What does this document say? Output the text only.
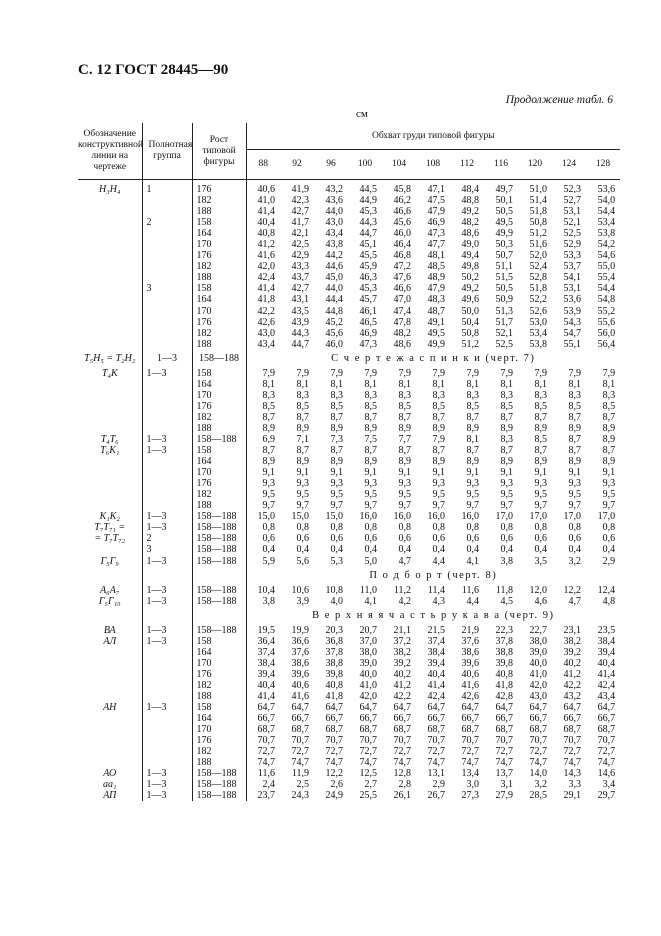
С. 12 ГОСТ 28445—90
Продолжение табл. 6
см
Обозначение конструктивной линии на чертеже	Полнотная группа	Рост типовой фигуры	Обхват груди типовой фигуры										
			88	92	96	100	104	108	112	116	120	124	128
Н₃Н₄	1	176	40,6	41,9	43,2	44,5	45,8	47,1	48,4	49,7	51,0	52,3	53,6
		182	41,0	42,3	43,6	44,9	46,2	47,5	48,8	50,1	51,4	52,7	54,0
		188	41,4	42,7	44,0	45,3	46,6	47,9	49,2	50,5	51,8	53,1	54,4
	2	158	40,4	41,7	43,0	44,3	45,6	46,9	48,2	49,5	50,8	52,1	53,4
		164	40,8	42,1	43,4	44,7	46,0	47,3	48,6	49,9	51,2	52,5	53,8
		170	41,2	42,5	43,8	45,1	46,4	47,7	49,0	50,3	51,6	52,9	54,2
		176	41,6	42,9	44,2	45,5	46,8	48,1	49,4	50,7	52,0	53,3	54,6
		182	42,0	43,3	44,6	45,9	47,2	48,5	49,8	51,1	52,4	53,7	55,0
		188	42,4	43,7	45,0	46,3	47,6	48,9	50,2	51,5	52,8	54,1	55,4
	3	158	41,4	42,7	44,0	45,3	46,6	47,9	49,2	50,5	51,8	53,1	54,4
		164	41,8	43,1	44,4	45,7	47,0	48,3	49,6	50,9	52,2	53,6	54,8
		170	42,2	43,5	44,8	46,1	47,4	48,7	50,0	51,3	52,6	53,9	55,2
		176	42,6	43,9	45,2	46,5	47,8	49,1	50,4	51,7	53,0	54,3	55,6
		182	43,0	44,3	45,6	46,9	48,2	49,5	50,8	52,1	53,4	54,7	56,0
		188	43,4	44,7	46,0	47,3	48,6	49,9	51,2	52,5	53,8	55,1	56,4
Т₅Н₅ = Т₂Н₂	1—3	158—188	С ч е р т е ж а с п и н к и (черт. 7)										
Т₄К	1—3	158	7,9	7,9	7,9	7,9	7,9	7,9	7,9	7,9	7,9	7,9	7,9
		164	8,1	8,1	8,1	8,1	8,1	8,1	8,1	8,1	8,1	8,1	8,1
		170	8,3	8,3	8,3	8,3	8,3	8,3	8,3	8,3	8,3	8,3	8,3
		176	8,5	8,5	8,5	8,5	8,5	8,5	8,5	8,5	8,5	8,5	8,5
		182	8,7	8,7	8,7	8,7	8,7	8,7	8,7	8,7	8,7	8,7	8,7
		188	8,9	8,9	8,9	8,9	8,9	8,9	8,9	8,9	8,9	8,9	8,9
Т₄Т₆	1—3	158—188	6,9	7,1	7,3	7,5	7,7	7,9	8,1	8,3	8,5	8,7	8,9
Т₆К₁	1—3	158	8,7	8,7	8,7	8,7	8,7	8,7	8,7	8,7	8,7	8,7	8,7
		164	8,9	8,9	8,9	8,9	8,9	8,9	8,9	8,9	8,9	8,9	8,9
		170	9,1	9,1	9,1	9,1	9,1	9,1	9,1	9,1	9,1	9,1	9,1
		176	9,3	9,3	9,3	9,3	9,3	9,3	9,3	9,3	9,3	9,3	9,3
		182	9,5	9,5	9,5	9,5	9,5	9,5	9,5	9,5	9,5	9,5	9,5
		188	9,7	9,7	9,7	9,7	9,7	9,7	9,7	9,7	9,7	9,7	9,7
К₁К₂	1—3	158—188	15,0	15,0	15,0	16,0	16,0	16,0	16,0	17,0	17,0	17,0	17,0
Т₇Т₇₁ =	1—3	158—188	0,8	0,8	0,8	0,8	0,8	0,8	0,8	0,8	0,8	0,8	0,8
= Т₇Т₇₂	2	158—188	0,6	0,6	0,6	0,6	0,6	0,6	0,6	0,6	0,6	0,6	0,6
	3	158—188	0,4	0,4	0,4	0,4	0,4	0,4	0,4	0,4	0,4	0,4	0,4
Г₅Г₉	1—3	158—188	5,9	5,6	5,3	5,0	4,7	4,4	4,1	3,8	3,5	3,2	2,9
			П о д б о р т (черт. 8)										
А₆А₇	1—3	158—188	10,4	10,6	10,8	11,0	11,2	11,4	11,6	11,8	12,0	12,2	12,4
Г₅Г₁₀	1—3	158—188	3,8	3,9	4,0	4,1	4,2	4,3	4,4	4,5	4,6	4,7	4,8
			В е р х н я я ч а с т ь р у к а в а (черт. 9)										
ВА	1—3	158—188	19,5	19,9	20,3	20,7	21,1	21,5	21,9	22,3	22,7	23,1	23,5
АЛ	1—3	158	36,4	36,6	36,8	37,0	37,2	37,4	37,6	37,8	38,0	38,2	38,4
		164	37,4	37,6	37,8	38,0	38,2	38,4	38,6	38,8	39,0	39,2	39,4
		170	38,4	38,6	38,8	39,0	39,2	39,4	39,6	39,8	40,0	40,2	40,4
		176	39,4	39,6	39,8	40,0	40,2	40,4	40,6	40,8	41,0	41,2	41,4
		182	40,4	40,6	40,8	41,0	41,2	41,4	41,6	41,8	42,0	42,2	42,4
		188	41,4	41,6	41,8	42,0	42,2	42,4	42,6	42,8	43,0	43,2	43,4
АН	1—3	158	64,7	64,7	64,7	64,7	64,7	64,7	64,7	64,7	64,7	64,7	64,7
		164	66,7	66,7	66,7	66,7	66,7	66,7	66,7	66,7	66,7	66,7	66,7
		170	68,7	68,7	68,7	68,7	68,7	68,7	68,7	68,7	68,7	68,7	68,7
		176	70,7	70,7	70,7	70,7	70,7	70,7	70,7	70,7	70,7	70,7	70,7
		182	72,7	72,7	72,7	72,7	72,7	72,7	72,7	72,7	72,7	72,7	72,7
		188	74,7	74,7	74,7	74,7	74,7	74,7	74,7	74,7	74,7	74,7	74,7
АО	1—3	158—188	11,6	11,9	12,2	12,5	12,8	13,1	13,4	13,7	14,0	14,3	14,6
аа₁	1—3	158—188	2,4	2,5	2,6	2,7	2,8	2,9	3,0	3,1	3,2	3,3	3,4
АП	1—3	158—188	23,7	24,3	24,9	25,5	26,1	26,7	27,3	27,9	28,5	29,1	29,7
